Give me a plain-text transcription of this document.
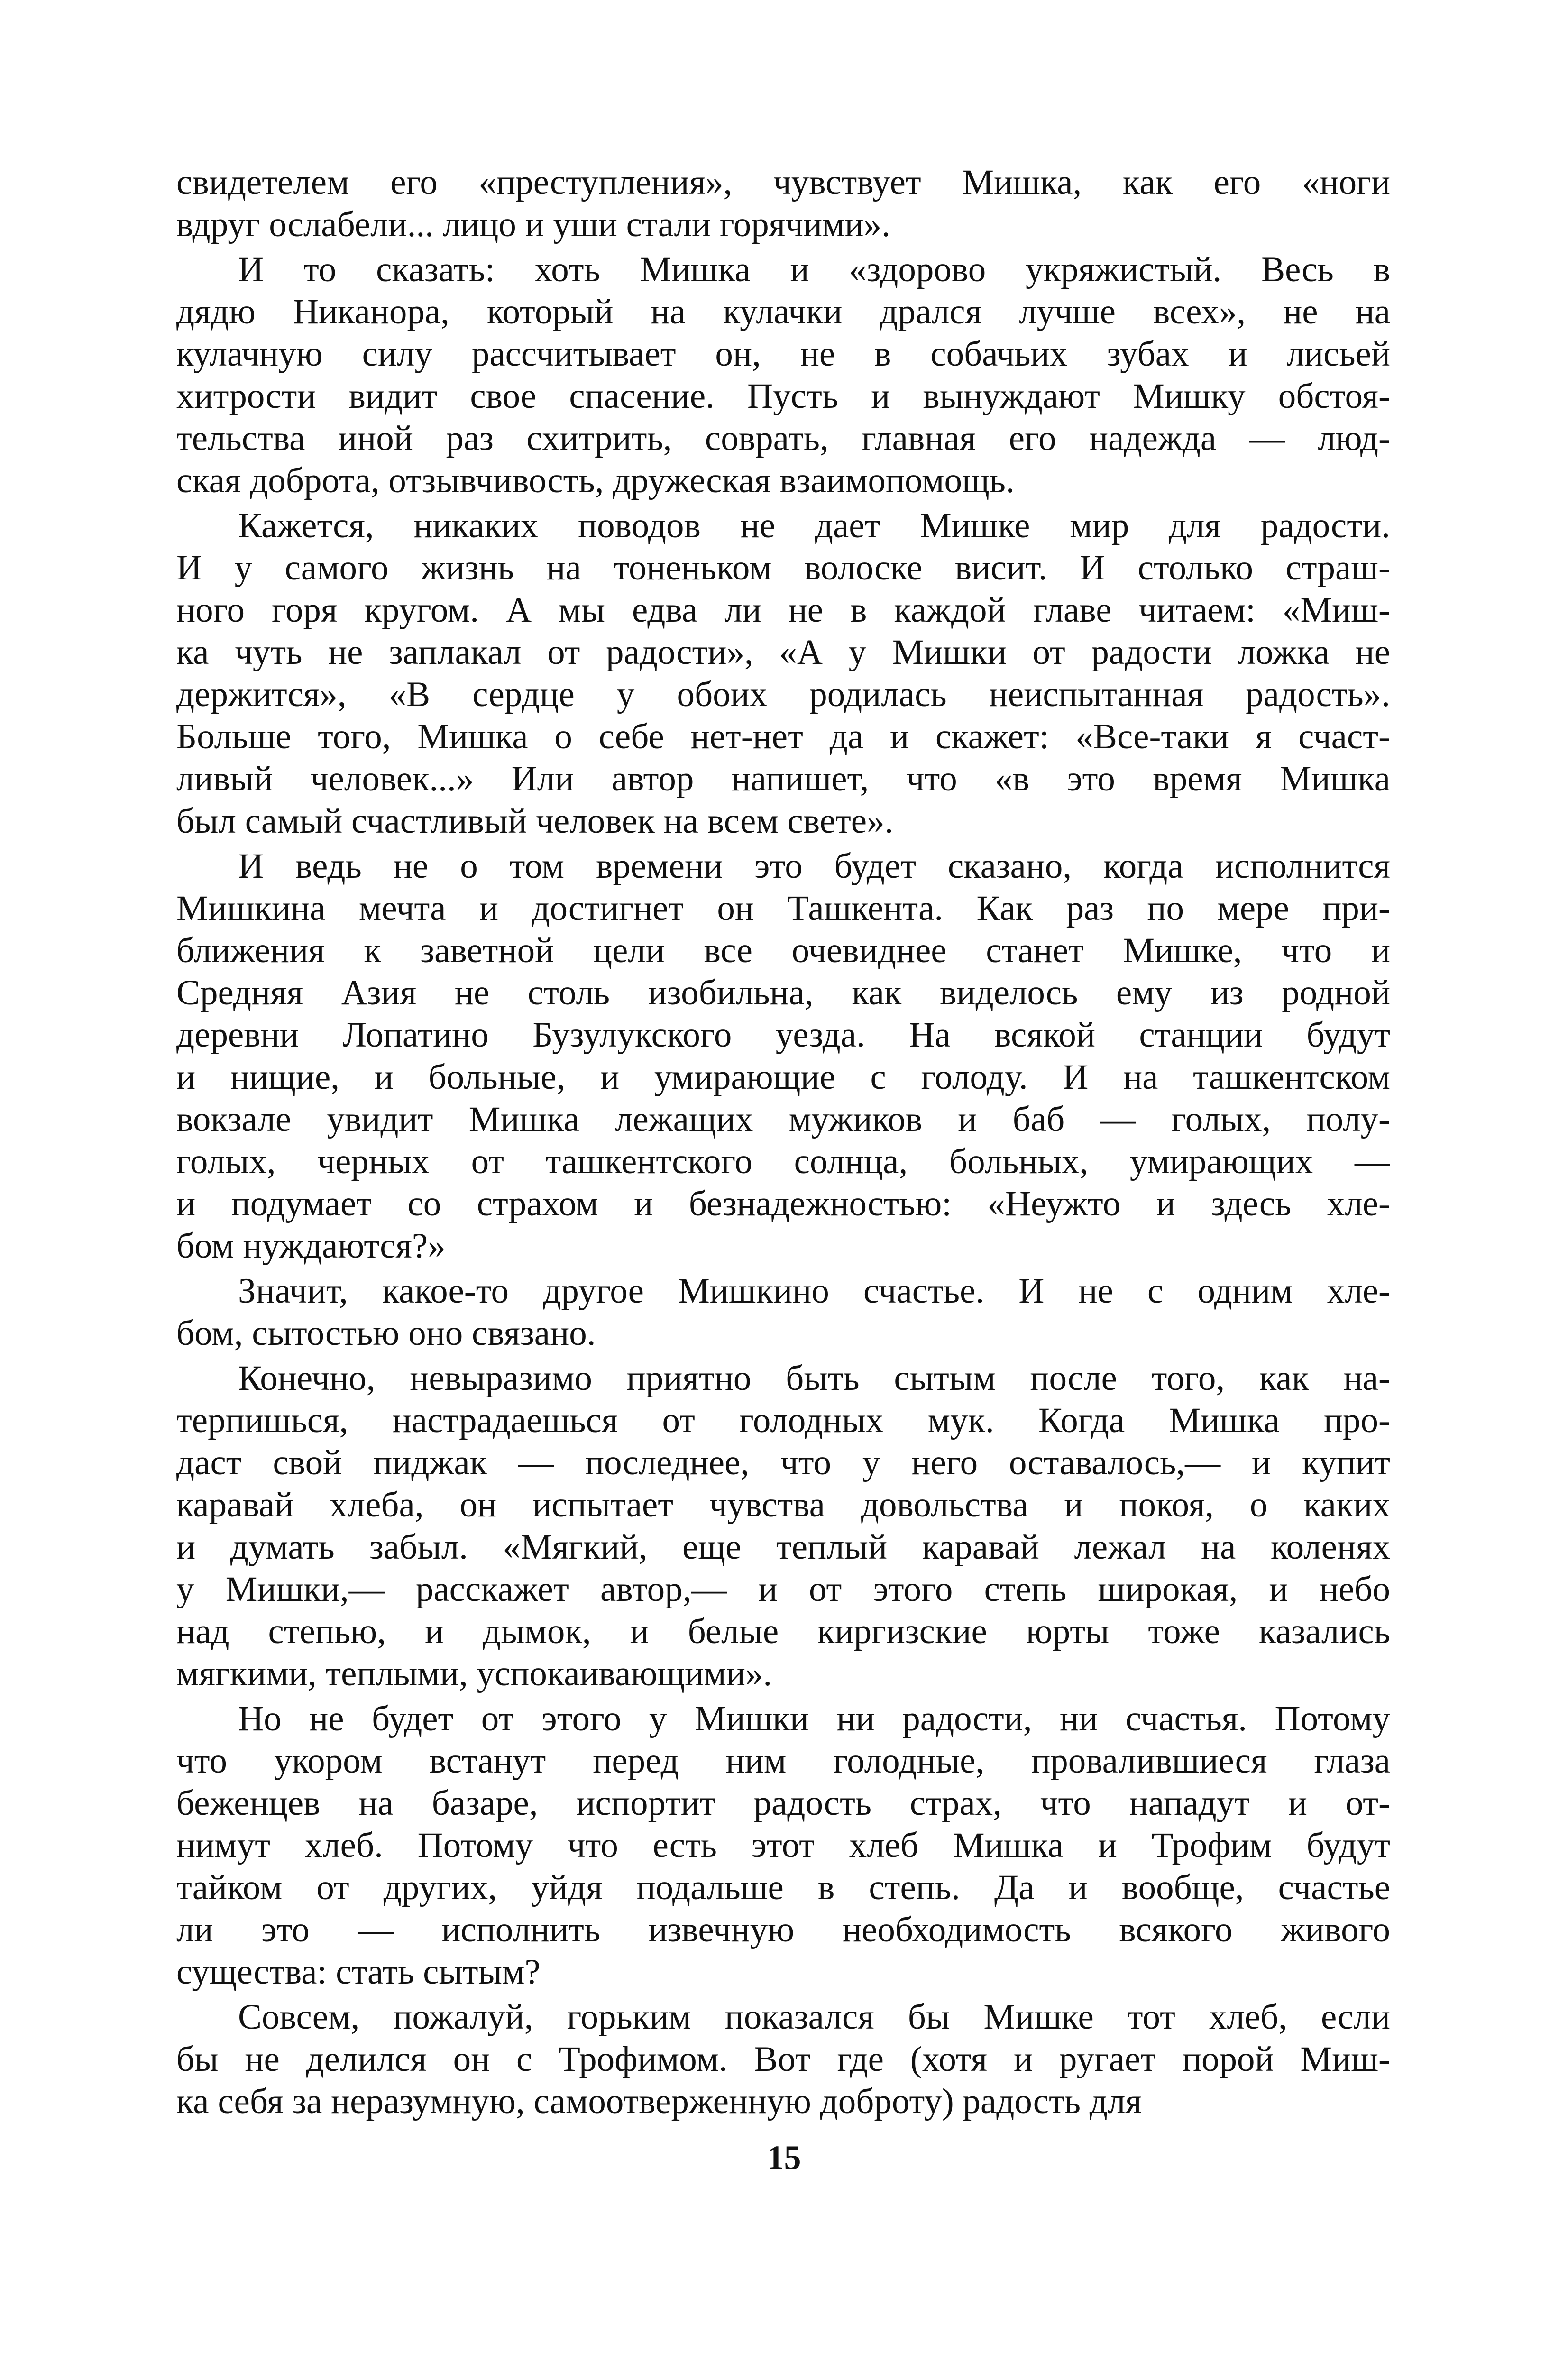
свидетелем его «преступления», чувствует Мишка, как его «ноги
вдруг ослабели... лицо и уши стали горячими».
И то сказать: хоть Мишка и «здорово укряжистый. Весь в
дядю Никанора, который на кулачки дрался лучше всех», не на
кулачную силу рассчитывает он, не в собачьих зубах и лисьей
хитрости видит свое спасение. Пусть и вынуждают Мишку обстоя-
тельства иной раз схитрить, соврать, главная его надежда — люд-
ская доброта, отзывчивость, дружеская взаимопомощь.
Кажется, никаких поводов не дает Мишке мир для радости.
И у самого жизнь на тоненьком волоске висит. И столько страш-
ного горя кругом. А мы едва ли не в каждой главе читаем: «Миш-
ка чуть не заплакал от радости», «А у Мишки от радости ложка не
держится», «В сердце у обоих родилась неиспытанная радость».
Больше того, Мишка о себе нет-нет да и скажет: «Все-таки я счаст-
ливый человек...» Или автор напишет, что «в это время Мишка
был самый счастливый человек на всем свете».
И ведь не о том времени это будет сказано, когда исполнится
Мишкина мечта и достигнет он Ташкента. Как раз по мере при-
ближения к заветной цели все очевиднее станет Мишке, что и
Средняя Азия не столь изобильна, как виделось ему из родной
деревни Лопатино Бузулукского уезда. На всякой станции будут
и нищие, и больные, и умирающие с голоду. И на ташкентском
вокзале увидит Мишка лежащих мужиков и баб — голых, полу-
голых, черных от ташкентского солнца, больных, умирающих —
и подумает со страхом и безнадежностью: «Неужто и здесь хле-
бом нуждаются?»
Значит, какое-то другое Мишкино счастье. И не с одним хле-
бом, сытостью оно связано.
Конечно, невыразимо приятно быть сытым после того, как на-
терпишься, настрадаешься от голодных мук. Когда Мишка про-
даст свой пиджак — последнее, что у него оставалось,— и купит
каравай хлеба, он испытает чувства довольства и покоя, о каких
и думать забыл. «Мягкий, еще теплый каравай лежал на коленях
у Мишки,— расскажет автор,— и от этого степь широкая, и небо
над степью, и дымок, и белые киргизские юрты тоже казались
мягкими, теплыми, успокаивающими».
Но не будет от этого у Мишки ни радости, ни счастья. Потому
что укором встанут перед ним голодные, провалившиеся глаза
беженцев на базаре, испортит радость страх, что нападут и от-
нимут хлеб. Потому что есть этот хлеб Мишка и Трофим будут
тайком от других, уйдя подальше в степь. Да и вообще, счастье
ли это — исполнить извечную необходимость всякого живого
существа: стать сытым?
Совсем, пожалуй, горьким показался бы Мишке тот хлеб, если
бы не делился он с Трофимом. Вот где (хотя и ругает порой Миш-
ка себя за неразумную, самоотверженную доброту) радость для
15
